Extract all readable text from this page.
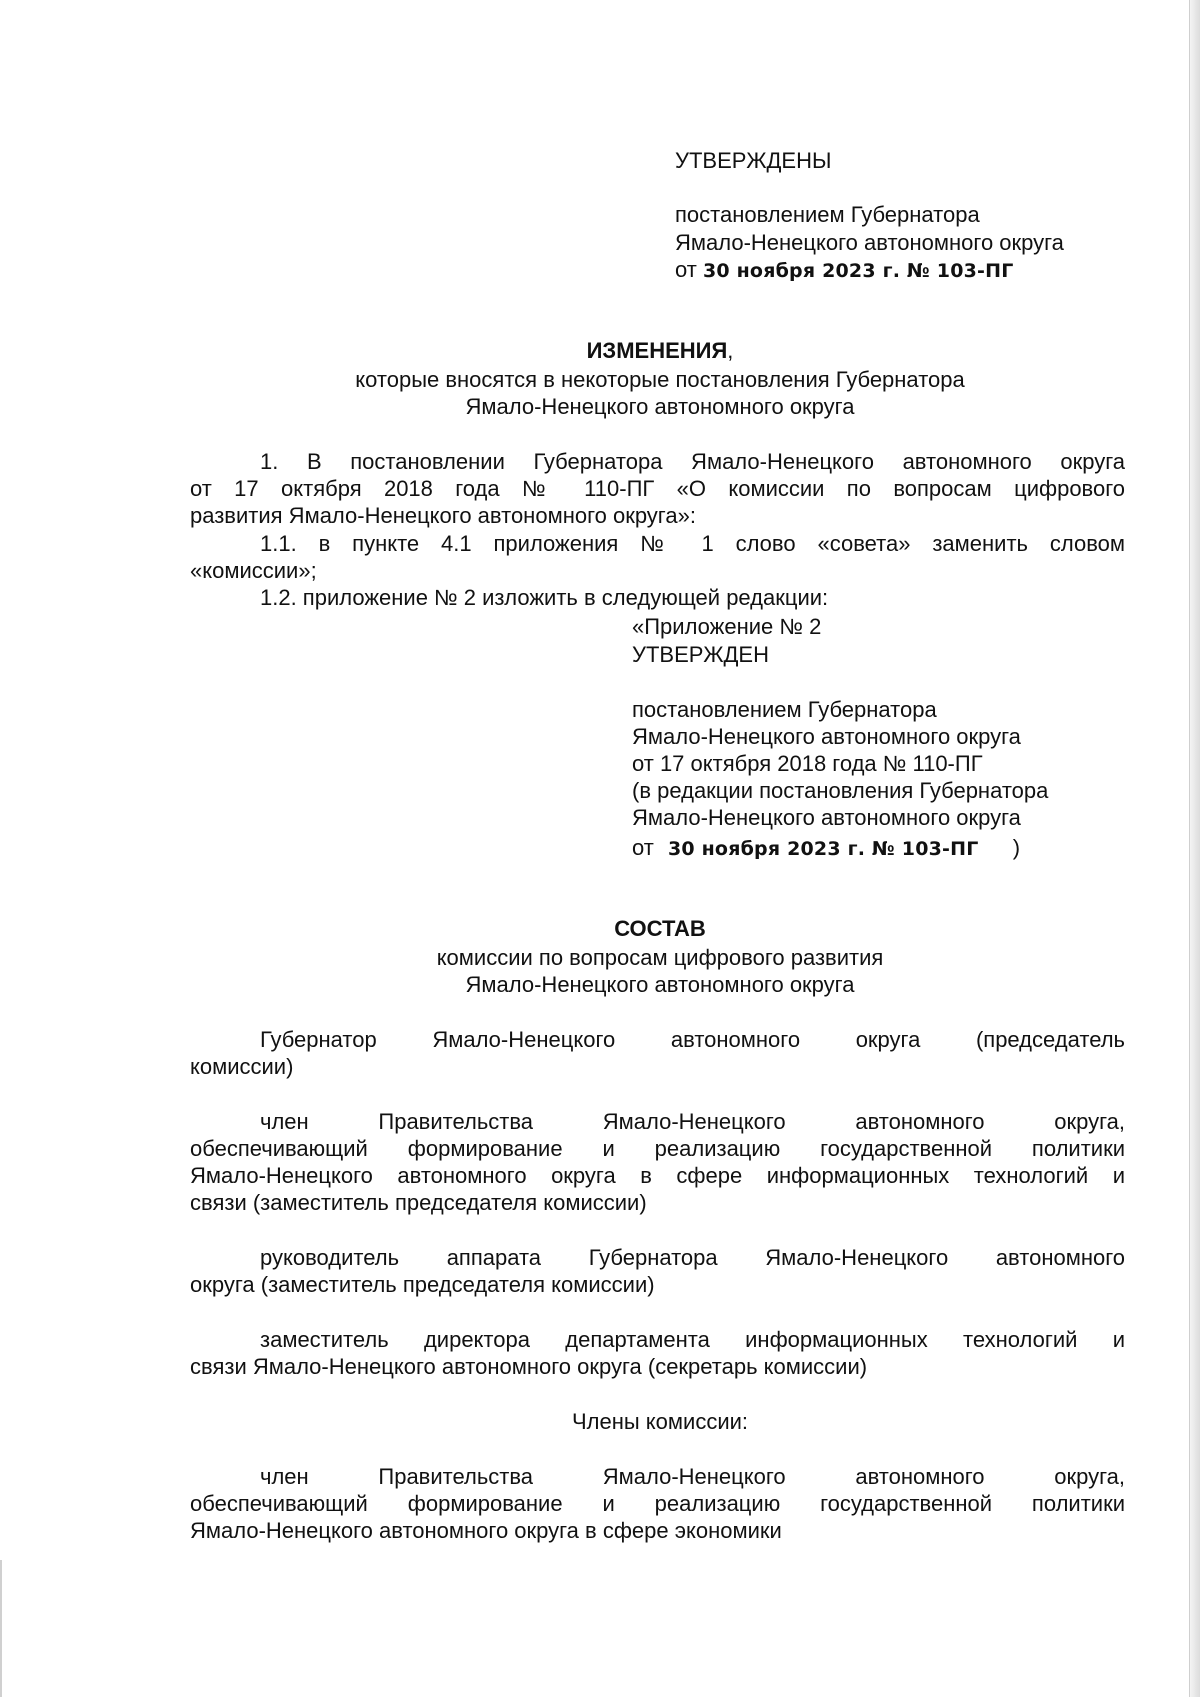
УТВЕРЖДЕНЫ
постановлением Губернатора
Ямало-Ненецкого автономного округа
от 30 ноября 2023 г. № 103-ПГ
ИЗМЕНЕНИЯ,
которые вносятся в некоторые постановления Губернатора
Ямало-Ненецкого автономного округа
1. В постановлении Губернатора Ямало-Ненецкого автономного округа
от 17 октября 2018 года № 110-ПГ «О комиссии по вопросам цифрового
развития Ямало-Ненецкого автономного округа»:
1.1. в пункте 4.1 приложения № 1 слово «совета» заменить словом
«комиссии»;
1.2. приложение № 2 изложить в следующей редакции:
«Приложение № 2
УТВЕРЖДЕН
постановлением Губернатора
Ямало-Ненецкого автономного округа
от 17 октября 2018 года № 110-ПГ
(в редакции постановления Губернатора
Ямало-Ненецкого автономного округа
от 30 ноября 2023 г. № 103-ПГ )
СОСТАВ
комиссии по вопросам цифрового развития
Ямало-Ненецкого автономного округа
Губернатор Ямало-Ненецкого автономного округа (председатель
комиссии)
член Правительства Ямало-Ненецкого автономного округа,
обеспечивающий формирование и реализацию государственной политики
Ямало-Ненецкого автономного округа в сфере информационных технологий и
связи (заместитель председателя комиссии)
руководитель аппарата Губернатора Ямало-Ненецкого автономного
округа (заместитель председателя комиссии)
заместитель директора департамента информационных технологий и
связи Ямало-Ненецкого автономного округа (секретарь комиссии)
Члены комиссии:
член Правительства Ямало-Ненецкого автономного округа,
обеспечивающий формирование и реализацию государственной политики
Ямало-Ненецкого автономного округа в сфере экономики
